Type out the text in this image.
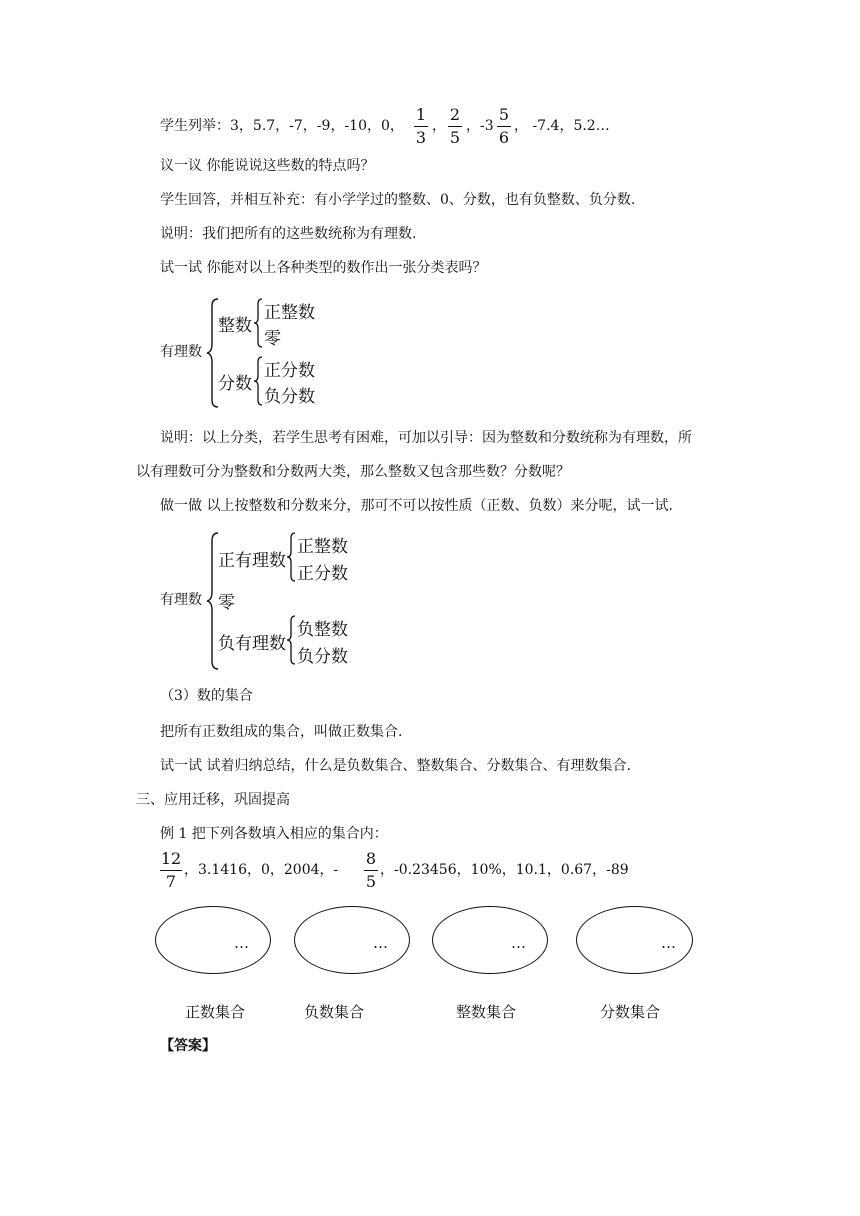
学生列举：3，5.7，-7，-9，-10，0，
1
3
，
2
5
，-3
5
6
， -7.4，5.2…
议一议 你能说说这些数的特点吗？
学生回答，并相互补充：有小学学过的整数、0、分数，也有负整数、负分数.
说明：我们把所有的这些数统称为有理数.
试一试 你能对以上各种类型的数作出一张分类表吗？
有理数
整数
正整数
零
分数
正分数
负分数
说明：以上分类，若学生思考有困难，可加以引导：因为整数和分数统称为有理数，所
以有理数可分为整数和分数两大类，那么整数又包含那些数？分数呢？
做一做 以上按整数和分数来分，那可不可以按性质（正数、负数）来分呢，试一试.
有理数
正有理数
正整数
正分数
零
负有理数
负整数
负分数
（3）数的集合
把所有正数组成的集合，叫做正数集合.
试一试 试着归纳总结，什么是负数集合、整数集合、分数集合、有理数集合.
三、应用迁移，巩固提高
例 1 把下列各数填入相应的集合内：
12
7
，3.1416，0，2004，-
8
5
，-0.23456，10%，10.1，0.67，-89
…	…	…	…
正数集合	负数集合	整数集合	分数集合
【答案】
